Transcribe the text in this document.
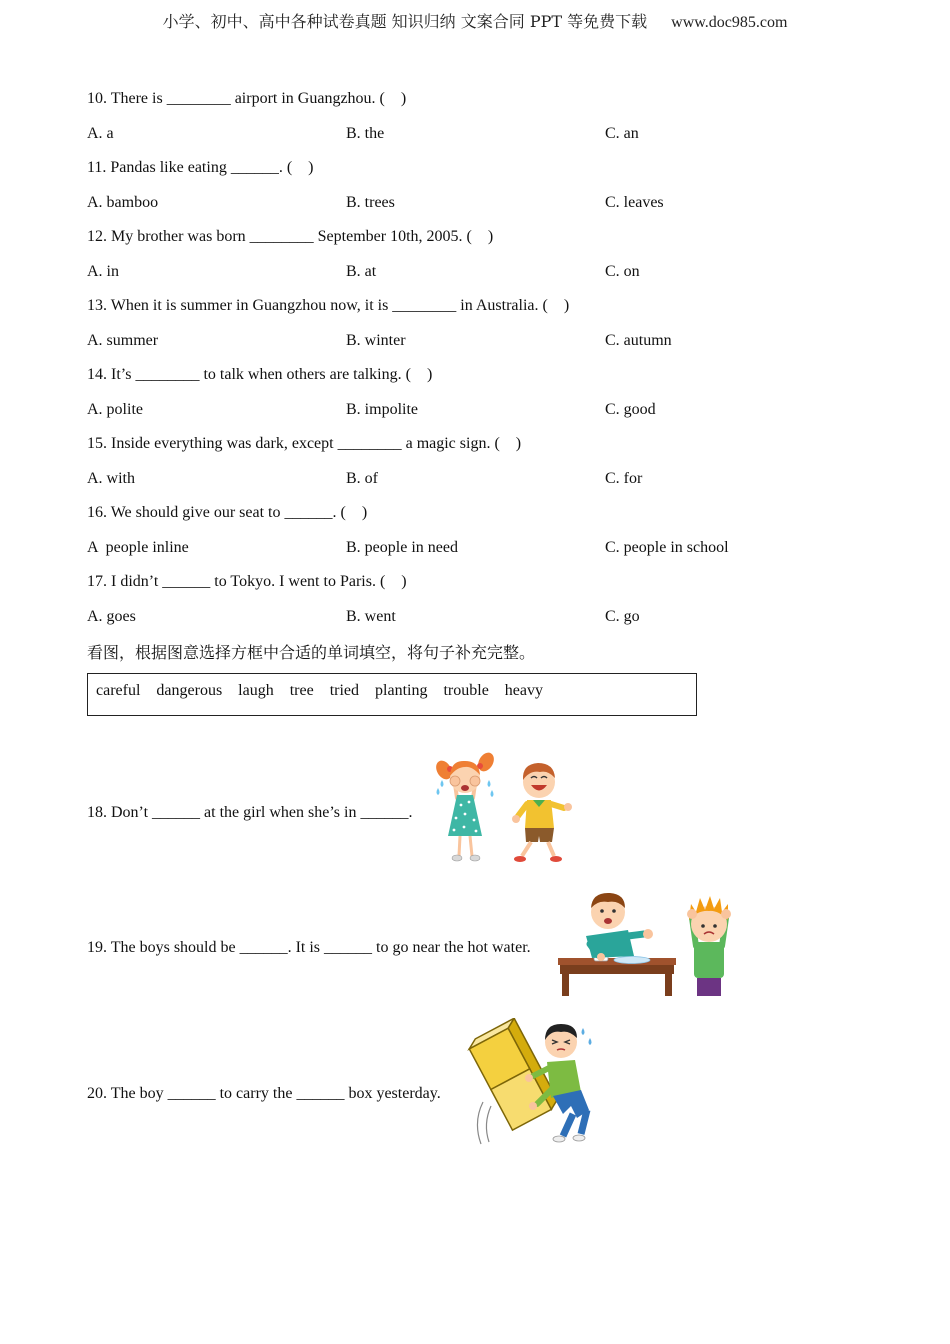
小学、初中、高中各种试卷真题 知识归纳 文案合同 PPT 等免费下载 www.doc985.com
10. There is ________ airport in Guangzhou. (    )

A. a

	B. the

	C. an

11. Pandas like eating ______. (    )

A. bamboo

	B. trees

	C. leaves

12. My brother was born ________ September 10th, 2005. (    )

A. in

	B. at

	C. on

13. When it is summer in Guangzhou now, it is ________ in Australia. (    )

A. summer

	B. winter

	C. autumn

14. It’s ________ to talk when others are talking. (    )

A. polite

	B. impolite

	C. good

15. Inside everything was dark, except ________ a magic sign. (    )

A. with

	B. of

	C. for

16. We should give our seat to ______. (    )

A  people inline

	B. people in need

	C. people in school

17. I didn’t ______ to Tokyo. I went to Paris. (    )

A. goes

	B. went

	C. go

看图，根据图意选择方框中合适的单词填空，将句子补充完整。
careful dangerous laugh tree tried planting trouble heavy
18. Don’t ______ at the girl when she’s in ______.
19. The boys should be ______. It is ______ to go near the hot water.
20. The boy ______ to carry the ______ box yesterday.
